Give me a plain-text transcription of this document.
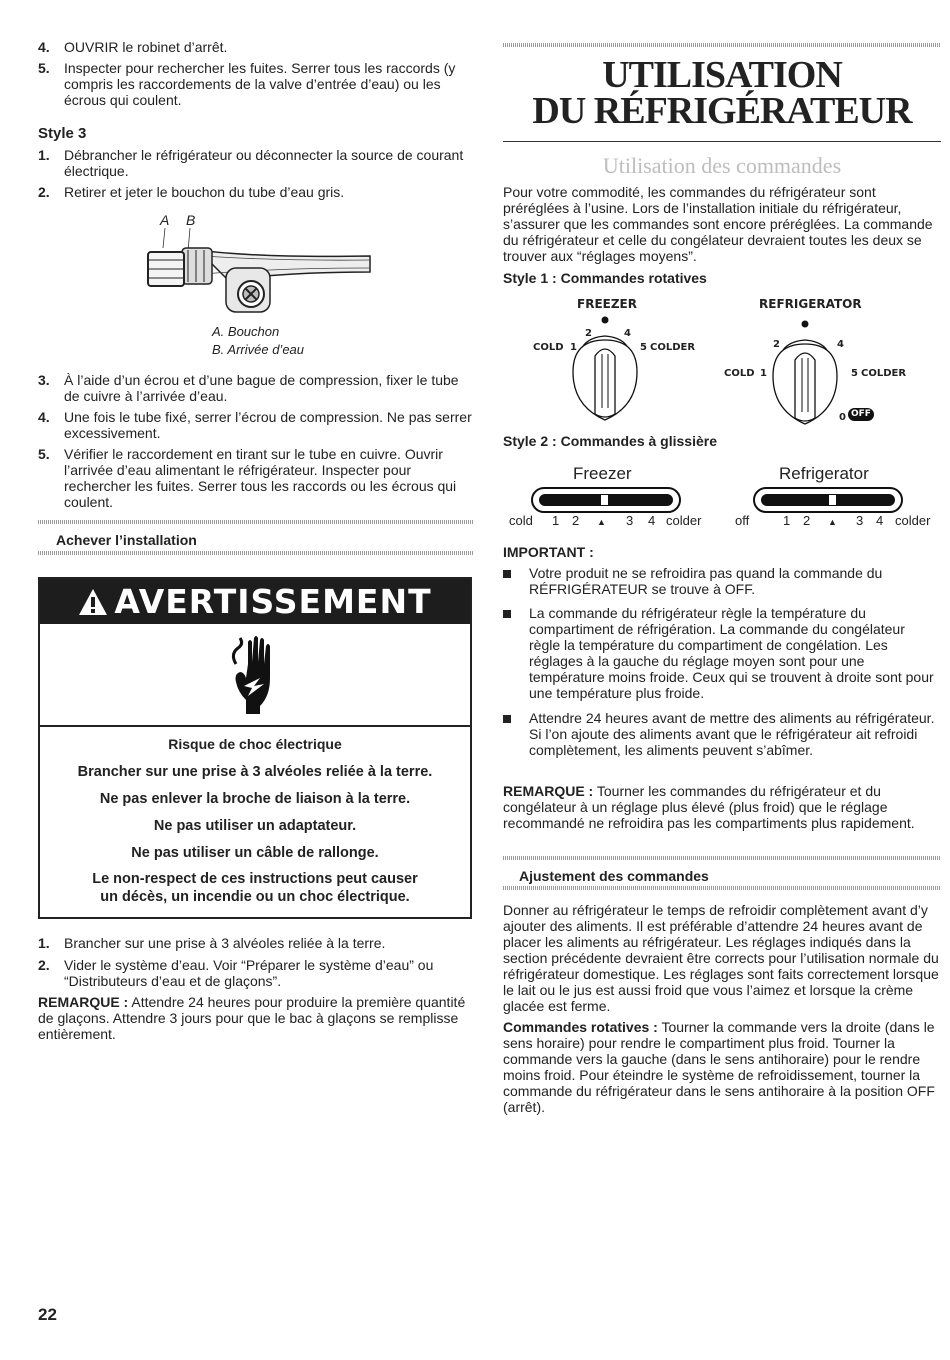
4. OUVRIR le robinet d’arrêt.
5. Inspecter pour rechercher les fuites. Serrer tous les raccords (y compris les raccordements de la valve d’entrée d’eau) ou les écrous qui coulent.
Style 3
1. Débrancher le réfrigérateur ou déconnecter la source de courant électrique.
2. Retirer et jeter le bouchon du tube d’eau gris.
A B
A. Bouchon
B. Arrivée d’eau
3. À l’aide d’un écrou et d’une bague de compression, fixer le tube de cuivre à l’arrivée d’eau.
4. Une fois le tube fixé, serrer l’écrou de compression. Ne pas serrer excessivement.
5. Vérifier le raccordement en tirant sur le tube en cuivre. Ouvrir l’arrivée d’eau alimentant le réfrigérateur. Inspecter pour rechercher les fuites. Serrer tous les raccords ou les écrous qui coulent.
Achever l’installation
AVERTISSEMENT
Risque de choc électrique
Brancher sur une prise à 3 alvéoles reliée à la terre.
Ne pas enlever la broche de liaison à la terre.
Ne pas utiliser un adaptateur.
Ne pas utiliser un câble de rallonge.
Le non-respect de ces instructions peut causer
un décès, un incendie ou un choc électrique.
1. Brancher sur une prise à 3 alvéoles reliée à la terre.
2. Vider le système d’eau. Voir “Préparer le système d’eau” ou “Distributeurs d’eau et de glaçons”.
REMARQUE : Attendre 24 heures pour produire la première quantité de glaçons. Attendre 3 jours pour que le bac à glaçons se remplisse entièrement.
22
UTILISATION
DU RÉFRIGÉRATEUR
Utilisation des commandes
Pour votre commodité, les commandes du réfrigérateur sont préréglées à l’usine. Lors de l’installation initiale du réfrigérateur, s’assurer que les commandes sont encore préréglées. La commande du réfrigérateur et celle du congélateur devraient toutes les deux se trouver aux “réglages moyens”.
Style 1 : Commandes rotatives
FREEZER
2	4
COLD 1	5 COLDER
REFRIGERATOR
2	4
COLD 1	5 COLDER
0 OFF
Style 2 : Commandes à glissière
Freezer
cold 1 2 ▲ 3 4 colder
Refrigerator
off	1 2 ▲ 3 4 colder
IMPORTANT :
Votre produit ne se refroidira pas quand la commande du RÉFRIGÉRATEUR se trouve à OFF.
La commande du réfrigérateur règle la température du compartiment de réfrigération. La commande du congélateur règle la température du compartiment de congélation. Les réglages à la gauche du réglage moyen sont pour une température moins froide. Ceux qui se trouvent à droite sont pour une température plus froide.
Attendre 24 heures avant de mettre des aliments au réfrigérateur. Si l’on ajoute des aliments avant que le réfrigérateur ait refroidi complètement, les aliments peuvent s’abîmer.
REMARQUE : Tourner les commandes du réfrigérateur et du congélateur à un réglage plus élevé (plus froid) que le réglage recommandé ne refroidira pas les compartiments plus rapidement.
Ajustement des commandes
Donner au réfrigérateur le temps de refroidir complètement avant d’y ajouter des aliments. Il est préférable d’attendre 24 heures avant de placer les aliments au réfrigérateur. Les réglages indiqués dans la section précédente devraient être corrects pour l’utilisation normale du réfrigérateur domestique. Les réglages sont faits correctement lorsque le lait ou le jus est aussi froid que vous l’aimez et lorsque la crème glacée est ferme.
Commandes rotatives : Tourner la commande vers la droite (dans le sens horaire) pour rendre le compartiment plus froid. Tourner la commande vers la gauche (dans le sens antihoraire) pour le rendre moins froid. Pour éteindre le système de refroidissement, tourner la commande du réfrigérateur dans le sens antihoraire à la position OFF (arrêt).
